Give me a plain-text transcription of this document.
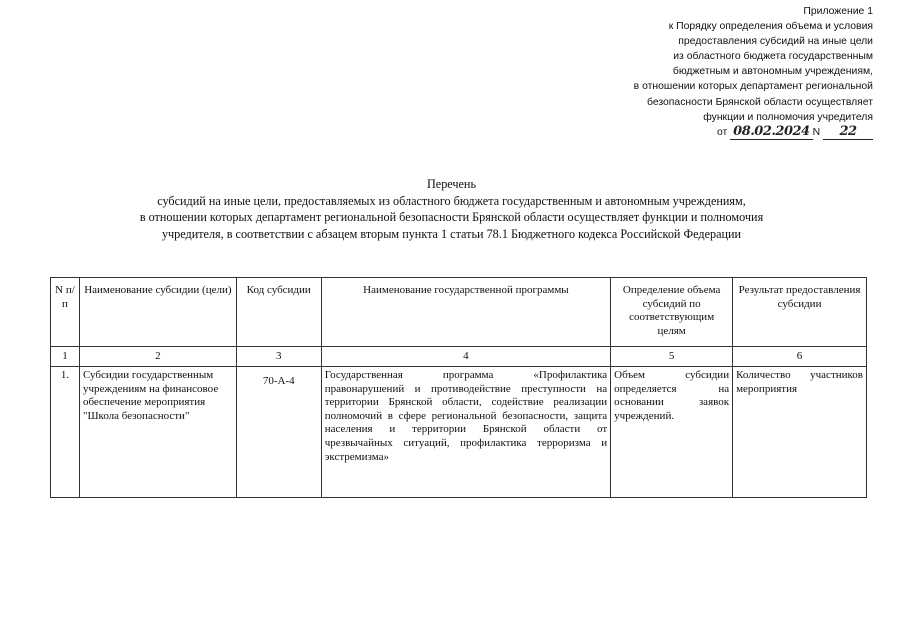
Приложение 1
к Порядку определения объема и условия
предоставления субсидий на иные цели
из областного бюджета государственным
бюджетным и автономным учреждениям,
в отношении которых департамент региональной
безопасности Брянской области осуществляет
функции и полномочия учредителя
от 08.02.2024 N 22
Перечень
субсидий на иные цели, предоставляемых из областного бюджета государственным и автономным учреждениям,
в отношении которых департамент региональной безопасности Брянской области осуществляет функции и полномочия
учредителя, в соответствии с абзацем вторым пункта 1 статьи 78.1 Бюджетного кодекса Российской Федерации
N п/п	Наименование субсидии (цели)	Код субсидии	Наименование государственной программы	Определение объема субсидий по соответствующим целям	Результат предоставления субсидии
1	2	3	4	5	6
1.	Субсидии государственным учреждениям на финансовое обеспечение мероприятия "Школа безопасности"	70-А-4	Государственная программа «Профилактика правонарушений и противодействие преступности на территории Брянской области, содействие реализации полномочий в сфере региональной безопасности, защита населения и территории Брянской области от чрезвычайных ситуаций, профилактика терроризма и экстремизма»	Объем субсидии определяется на основании заявок учреждений.	Количество участников мероприятия
